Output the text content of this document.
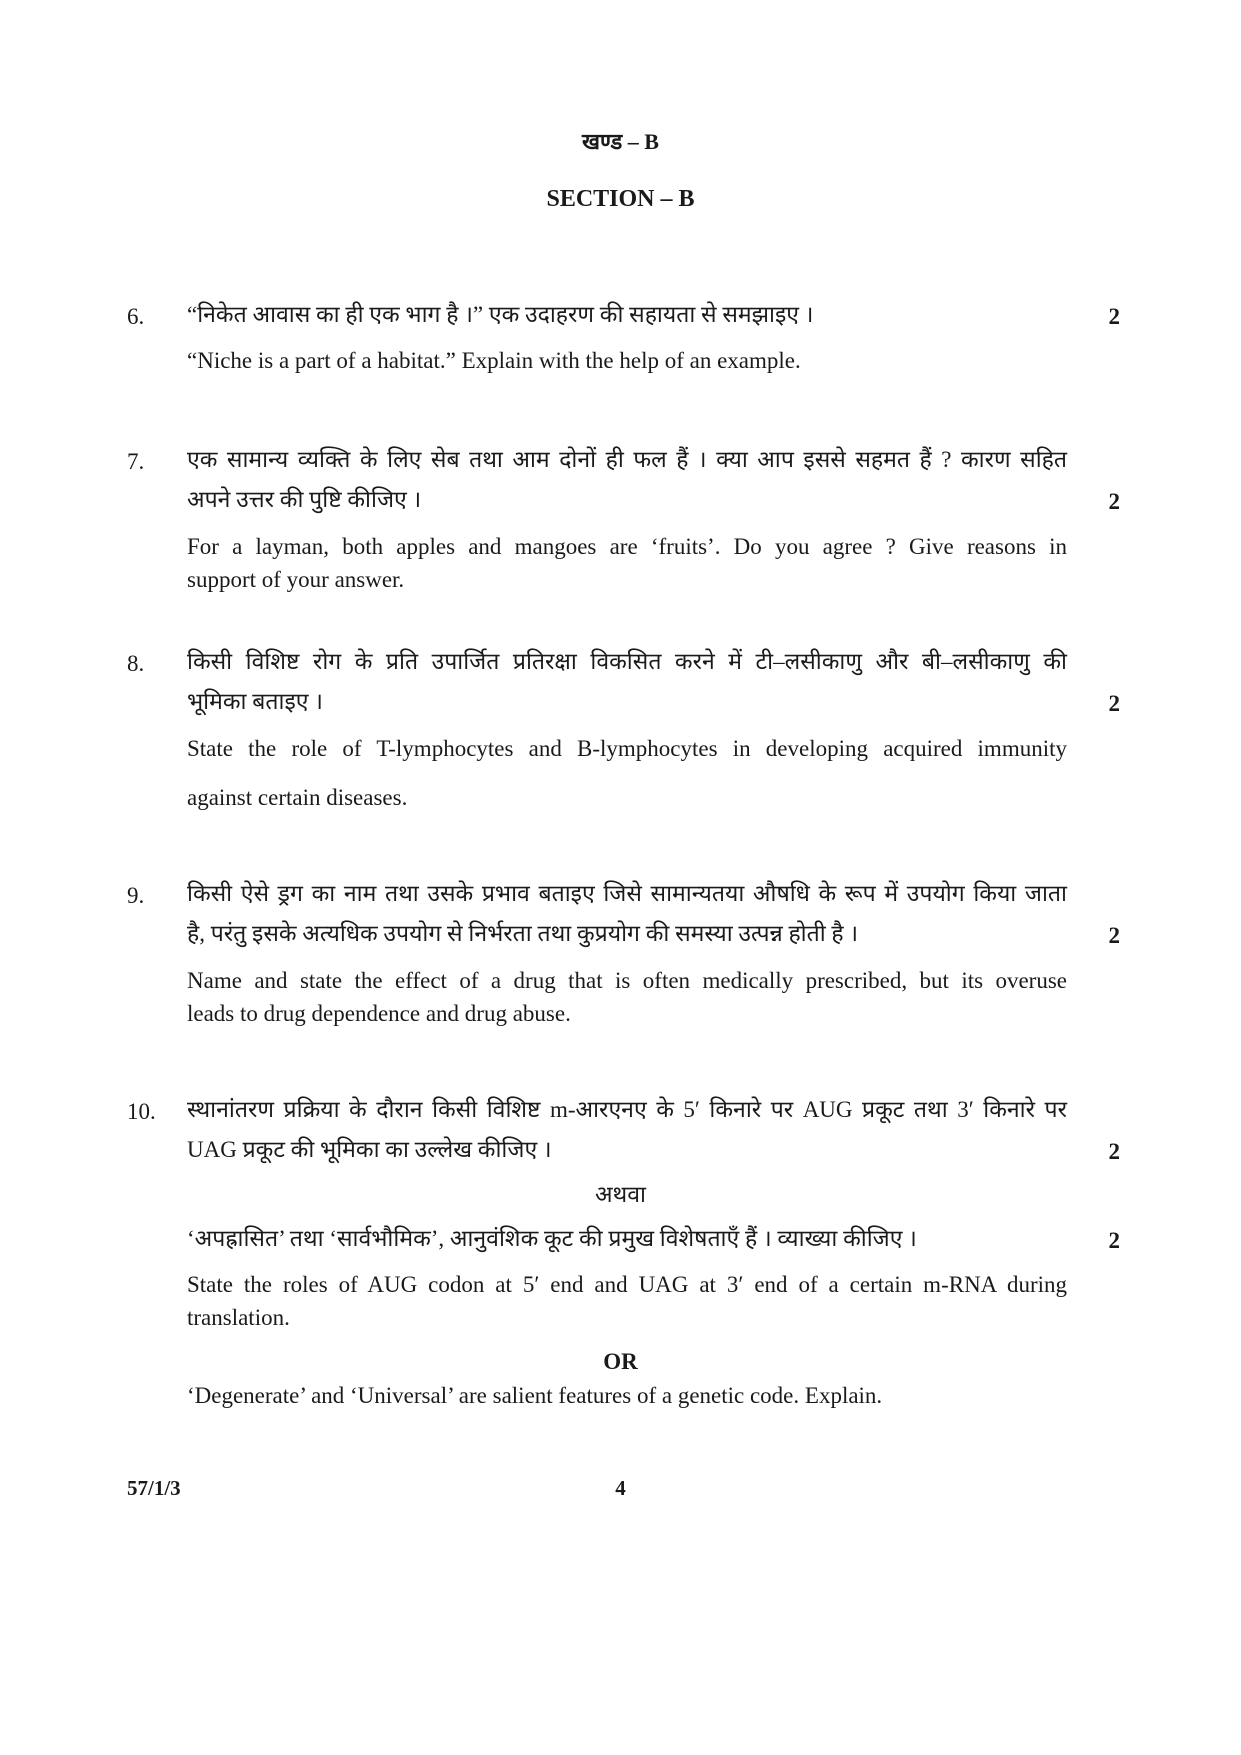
खण्ड – B
SECTION – B
6. “निकेत आवास का ही एक भाग है ।” एक उदाहरण की सहायता से समझाइए ।	2
“Niche is a part of a habitat.” Explain with the help of an example.
7. एक सामान्य व्यक्ति के लिए सेब तथा आम दोनों ही फल हैं । क्या आप इससे सहमत हैं ? कारण सहित
अपने उत्तर की पुष्टि कीजिए ।	2
For a layman, both apples and mangoes are ‘fruits’. Do you agree ? Give reasons in
support of your answer.
8. किसी विशिष्ट रोग के प्रति उपार्जित प्रतिरक्षा विकसित करने में टी–लसीकाणु और बी–लसीकाणु की
भूमिका बताइए ।	2
State the role of T-lymphocytes and B-lymphocytes in developing acquired immunity
against certain diseases.
9. किसी ऐसे ड्रग का नाम तथा उसके प्रभाव बताइए जिसे सामान्यतया औषधि के रूप में उपयोग किया जाता
है, परंतु इसके अत्यधिक उपयोग से निर्भरता तथा कुप्रयोग की समस्या उत्पन्न होती है ।	2
Name and state the effect of a drug that is often medically prescribed, but its overuse
leads to drug dependence and drug abuse.
10. स्थानांतरण प्रक्रिया के दौरान किसी विशिष्ट m-आरएनए के 5′ किनारे पर AUG प्रकूट तथा 3′ किनारे पर
UAG प्रकूट की भूमिका का उल्लेख कीजिए ।	2
अथवा
‘अपह्रासित’ तथा ‘सार्वभौमिक’, आनुवंशिक कूट की प्रमुख विशेषताएँ हैं । व्याख्या कीजिए ।	2
State the roles of AUG codon at 5′ end and UAG at 3′ end of a certain m-RNA during
translation.
OR
‘Degenerate’ and ‘Universal’ are salient features of a genetic code. Explain.
57/1/3	4
